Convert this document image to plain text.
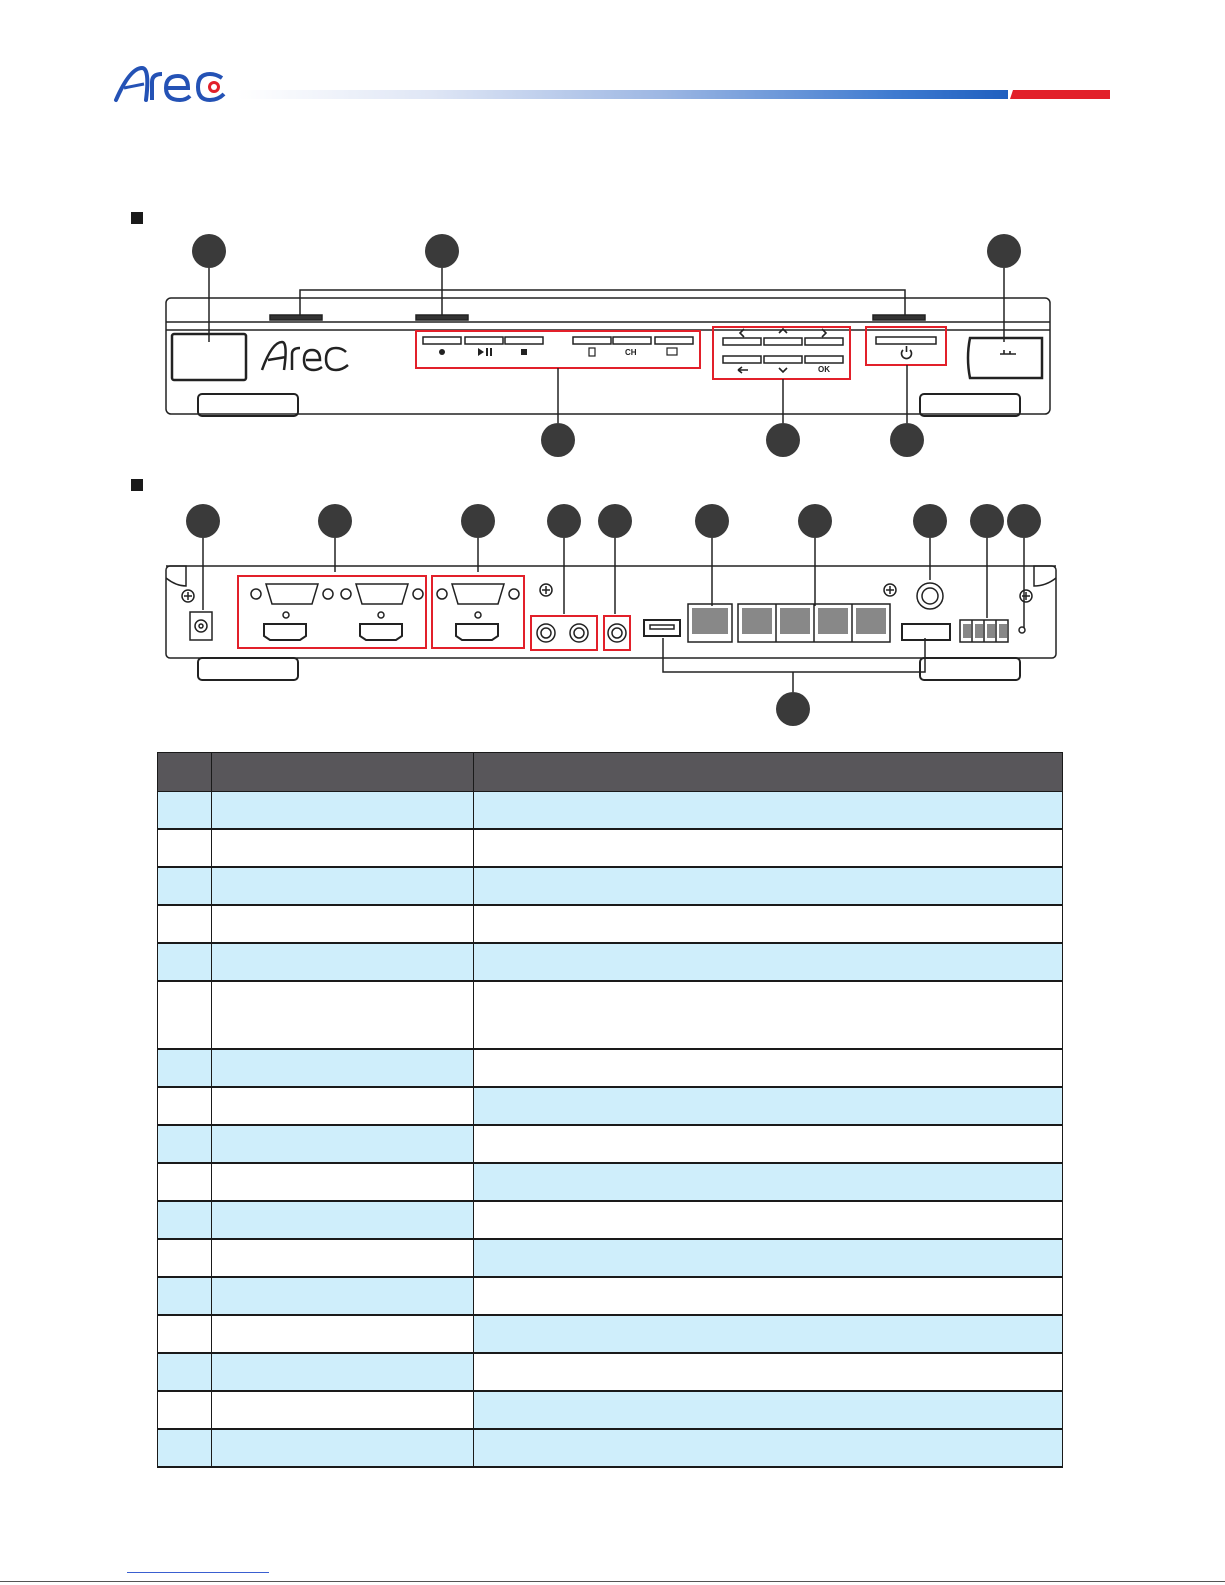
CH
OK
